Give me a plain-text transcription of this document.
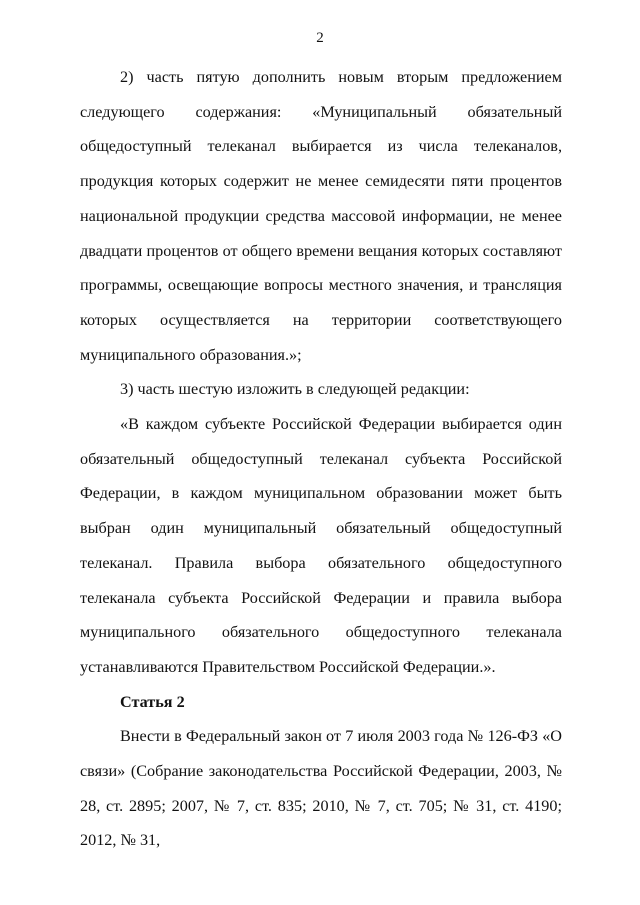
2

2) часть пятую дополнить новым вторым предложением следующего содержания: «Муниципальный обязательный общедоступный телеканал выбирается из числа телеканалов, продукция которых содержит не менее семидесяти пяти процентов национальной продукции средства массовой информации, не менее двадцати процентов от общего времени вещания которых составляют программы, освещающие вопросы местного значения, и трансляция которых осуществляется на территории соответствующего муниципального образования.»;

3) часть шестую изложить в следующей редакции:

«В каждом субъекте Российской Федерации выбирается один обязательный общедоступный телеканал субъекта Российской Федерации, в каждом муниципальном образовании может быть выбран один муниципальный обязательный общедоступный телеканал. Правила выбора обязательного общедоступного телеканала субъекта Российской Федерации и правила выбора муниципального обязательного общедоступного телеканала устанавливаются Правительством Российской Федерации.».

Статья 2

Внести в Федеральный закон от 7 июля 2003 года № 126-ФЗ «О связи» (Собрание законодательства Российской Федерации, 2003, № 28, ст. 2895; 2007, № 7, ст. 835; 2010, № 7, ст. 705; № 31, ст. 4190; 2012, № 31,
